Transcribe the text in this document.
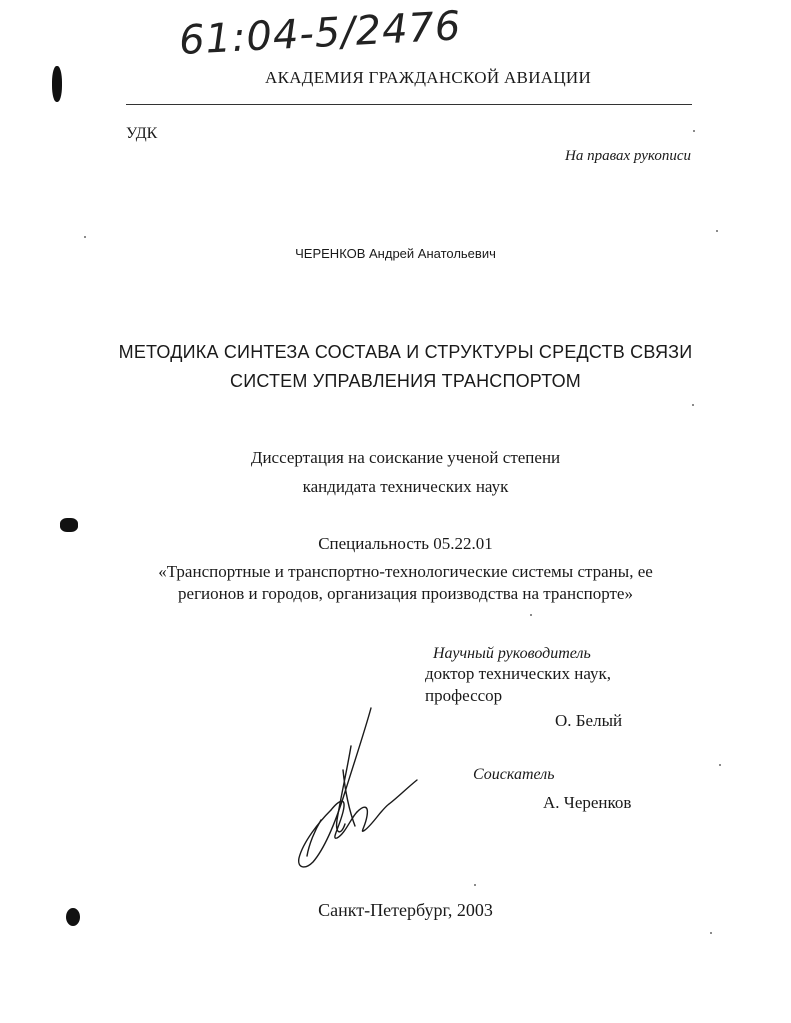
61:04-5/2476
АКАДЕМИЯ ГРАЖДАНСКОЙ АВИАЦИИ
УДК
На правах рукописи
ЧЕРЕНКОВ Андрей Анатольевич
МЕТОДИКА СИНТЕЗА СОСТАВА И СТРУКТУРЫ СРЕДСТВ СВЯЗИ
СИСТЕМ УПРАВЛЕНИЯ ТРАНСПОРТОМ
Диссертация на соискание ученой степени
кандидата технических наук
Специальность 05.22.01
«Транспортные и транспортно-технологические системы страны, ее
регионов и городов, организация производства на транспорте»
Научный руководитель
доктор технических наук,
профессор
О. Белый
Соискатель
А. Черенков
Санкт-Петербург, 2003
